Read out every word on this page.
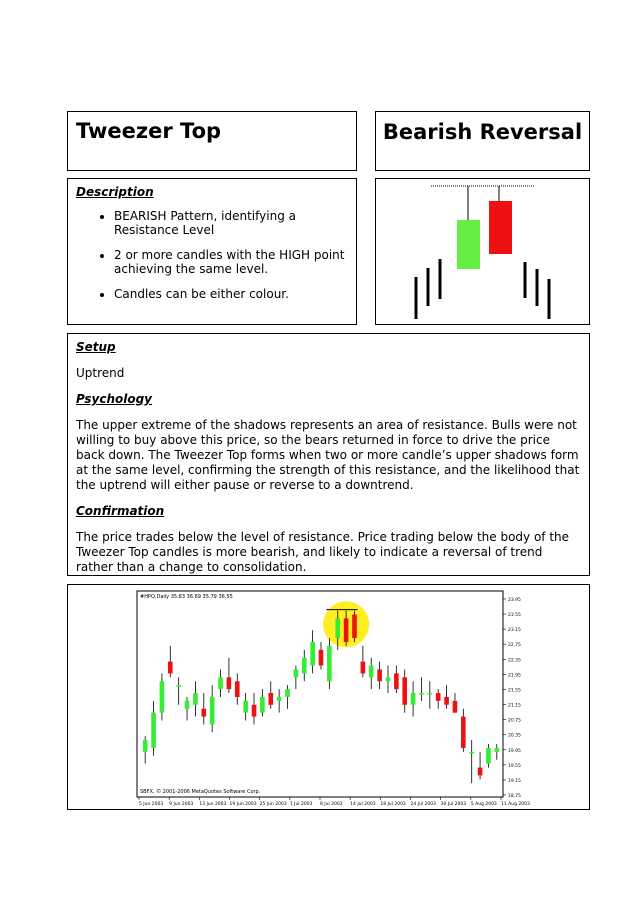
Tweezer Top	Bearish Reversal
Description
• BEARISH Pattern, identifying a Resistance Level
• 2 or more candles with the HIGH point achieving the same level.
• Candles can be either colour.
Setup

Uptrend

Psychology

The upper extreme of the shadows represents an area of resistance. Bulls were not willing to buy above this price, so the bears returned in force to drive the price back down. The Tweezer Top forms when two or more candle’s upper shadows form at the same level, confirming the strength of this resistance, and the likelihood that the uptrend will either pause or reverse to a downtrend.

Confirmation

The price trades below the level of resistance. Price trading below the body of the Tweezer Top candles is more bearish, and likely to indicate a reversal of trend rather than a change to consolidation.

23.95
23.55
23.15
22.75
22.35
21.95
21.55
21.15
20.75
20.35
19.95
19.55
19.15
18.75
5 Jun 2003 9 Jun 2003 13 Jun 2003 19 Jun 2003 25 Jun 2003 1 Jul 2003 8 Jul 2003 14 Jul 2003 18 Jul 2003 24 Jul 2003 30 Jul 2003 5 Aug 2003 11 Aug 2003
#HPQ,Daily 35.83 36.69 35.79 36.55
SBFX, © 2001-2006 MetaQuotes Software Corp.
